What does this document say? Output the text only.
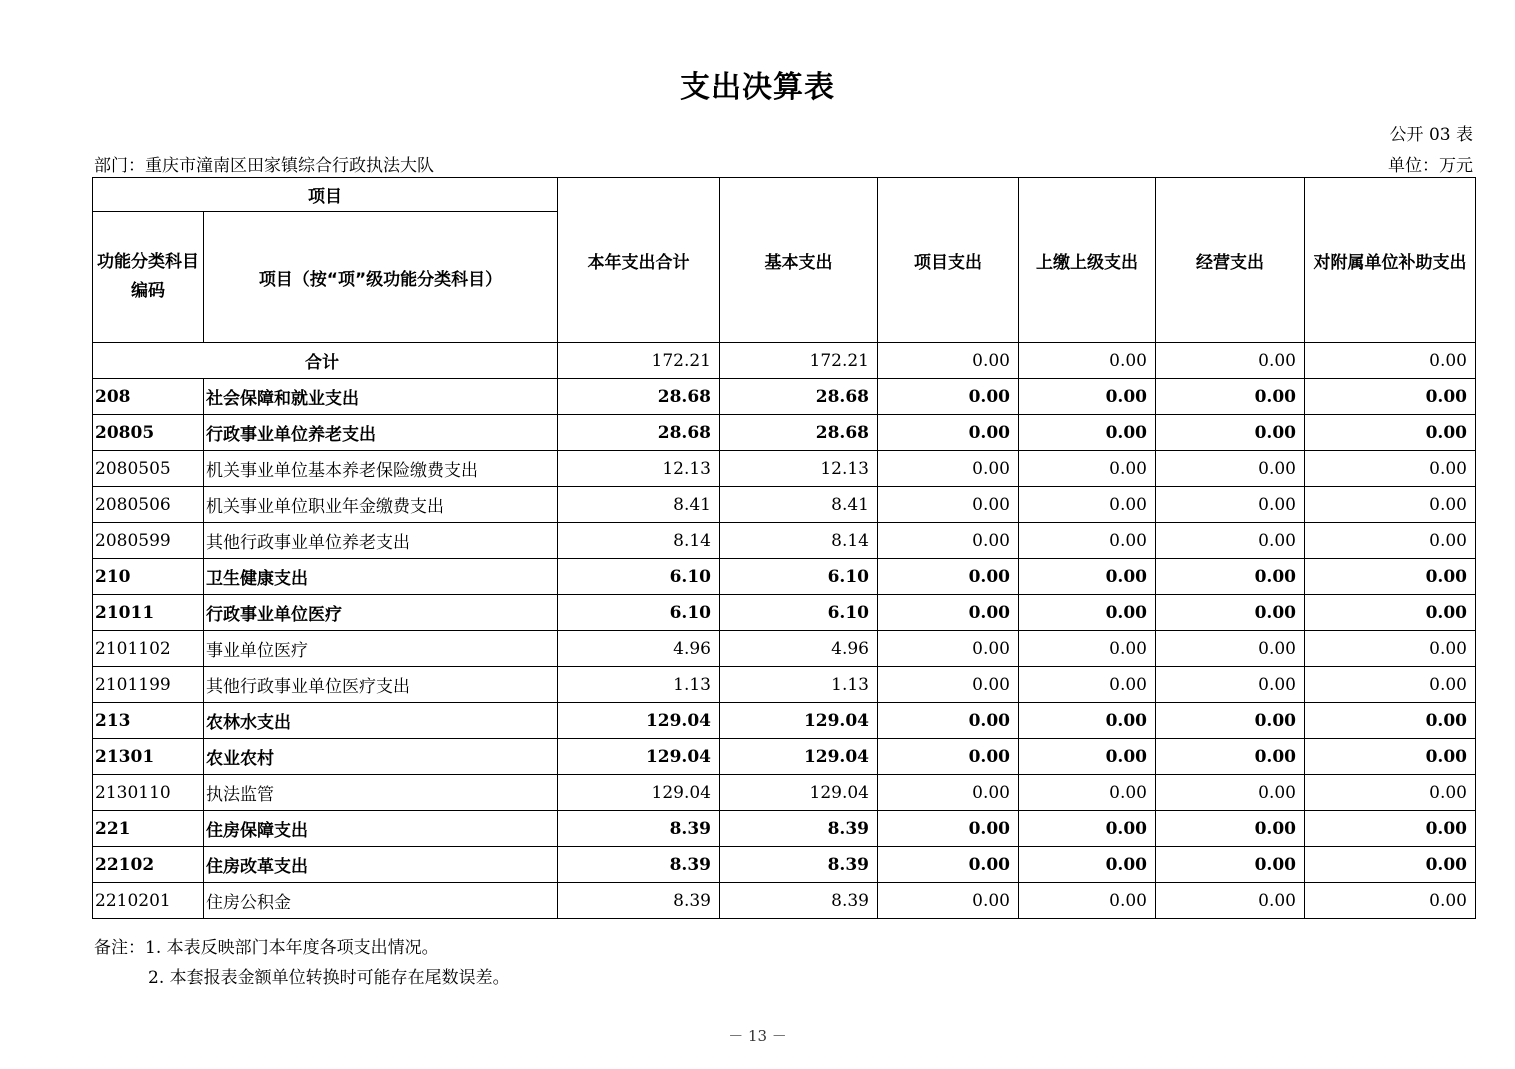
支出决算表
公开 03 表
部门：重庆市潼南区田家镇综合行政执法大队	单位：万元
项目		本年支出合计	基本支出	项目支出	上缴上级支出	经营支出	对附属单位补助支出
功能分类科目编码	项目（按“项”级功能分类科目）						
合计		172.21	172.21	0.00	0.00	0.00	0.00
208	社会保障和就业支出	28.68	28.68	0.00	0.00	0.00	0.00
20805	行政事业单位养老支出	28.68	28.68	0.00	0.00	0.00	0.00
2080505	机关事业单位基本养老保险缴费支出	12.13	12.13	0.00	0.00	0.00	0.00
2080506	机关事业单位职业年金缴费支出	8.41	8.41	0.00	0.00	0.00	0.00
2080599	其他行政事业单位养老支出	8.14	8.14	0.00	0.00	0.00	0.00
210	卫生健康支出	6.10	6.10	0.00	0.00	0.00	0.00
21011	行政事业单位医疗	6.10	6.10	0.00	0.00	0.00	0.00
2101102	事业单位医疗	4.96	4.96	0.00	0.00	0.00	0.00
2101199	其他行政事业单位医疗支出	1.13	1.13	0.00	0.00	0.00	0.00
213	农林水支出	129.04	129.04	0.00	0.00	0.00	0.00
21301	农业农村	129.04	129.04	0.00	0.00	0.00	0.00
2130110	执法监管	129.04	129.04	0.00	0.00	0.00	0.00
221	住房保障支出	8.39	8.39	0.00	0.00	0.00	0.00
22102	住房改革支出	8.39	8.39	0.00	0.00	0.00	0.00
2210201	住房公积金	8.39	8.39	0.00	0.00	0.00	0.00
备注：1. 本表反映部门本年度各项支出情况。
2. 本套报表金额单位转换时可能存在尾数误差。
－ 13 －
